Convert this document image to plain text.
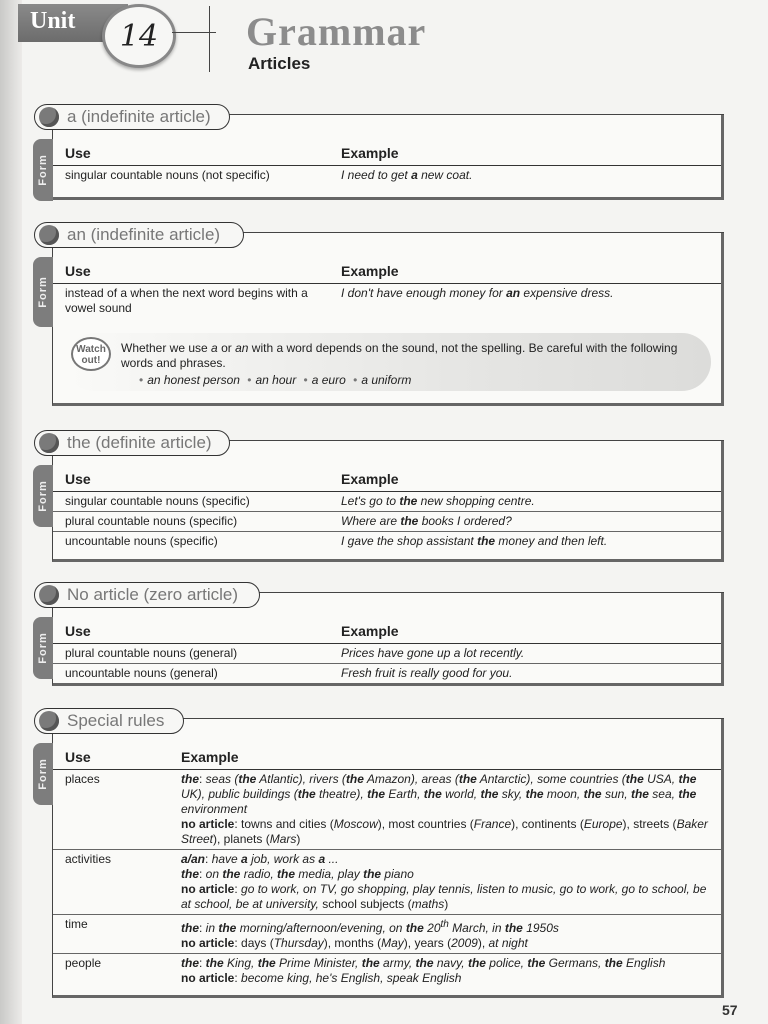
Unit	14 Grammar
Articles
a (indefinite article)
Form
Use	Example
singular countable nouns (not specific)	I need to get a new coat.
an (indefinite article)
Form
Use	Example
instead of a when the next word begins with a vowel sound	I don't have enough money for an expensive dress.
Watch out!
Whether we use a or an with a word depends on the sound, not the spelling. Be careful with the following words and phrases.
• an honest person • an hour • a euro • a uniform
the (definite article)
Form
Use	Example
singular countable nouns (specific)	Let's go to the new shopping centre.
plural countable nouns (specific)	Where are the books I ordered?
uncountable nouns (specific)	I gave the shop assistant the money and then left.
No article (zero article)
Form
Use	Example
plural countable nouns (general)	Prices have gone up a lot recently.
uncountable nouns (general)	Fresh fruit is really good for you.
Special rules
Form
Use	Example
places	the: seas (the Atlantic), rivers (the Amazon), areas (the Antarctic), some countries (the USA, the UK), public buildings (the theatre), the Earth, the world, the sky, the moon, the sun, the sea, the environment
no article: towns and cities (Moscow), most countries (France), continents (Europe), streets (Baker Street), planets (Mars)
activities	a/an: have a job, work as a ...
the: on the radio, the media, play the piano
no article: go to work, on TV, go shopping, play tennis, listen to music, go to work, go to school, be at school, be at university, school subjects (maths)
time	the: in the morning/afternoon/evening, on the 20th March, in the 1950s
no article: days (Thursday), months (May), years (2009), at night
people	the: the King, the Prime Minister, the army, the navy, the police, the Germans, the English
no article: become king, he's English, speak English
57
